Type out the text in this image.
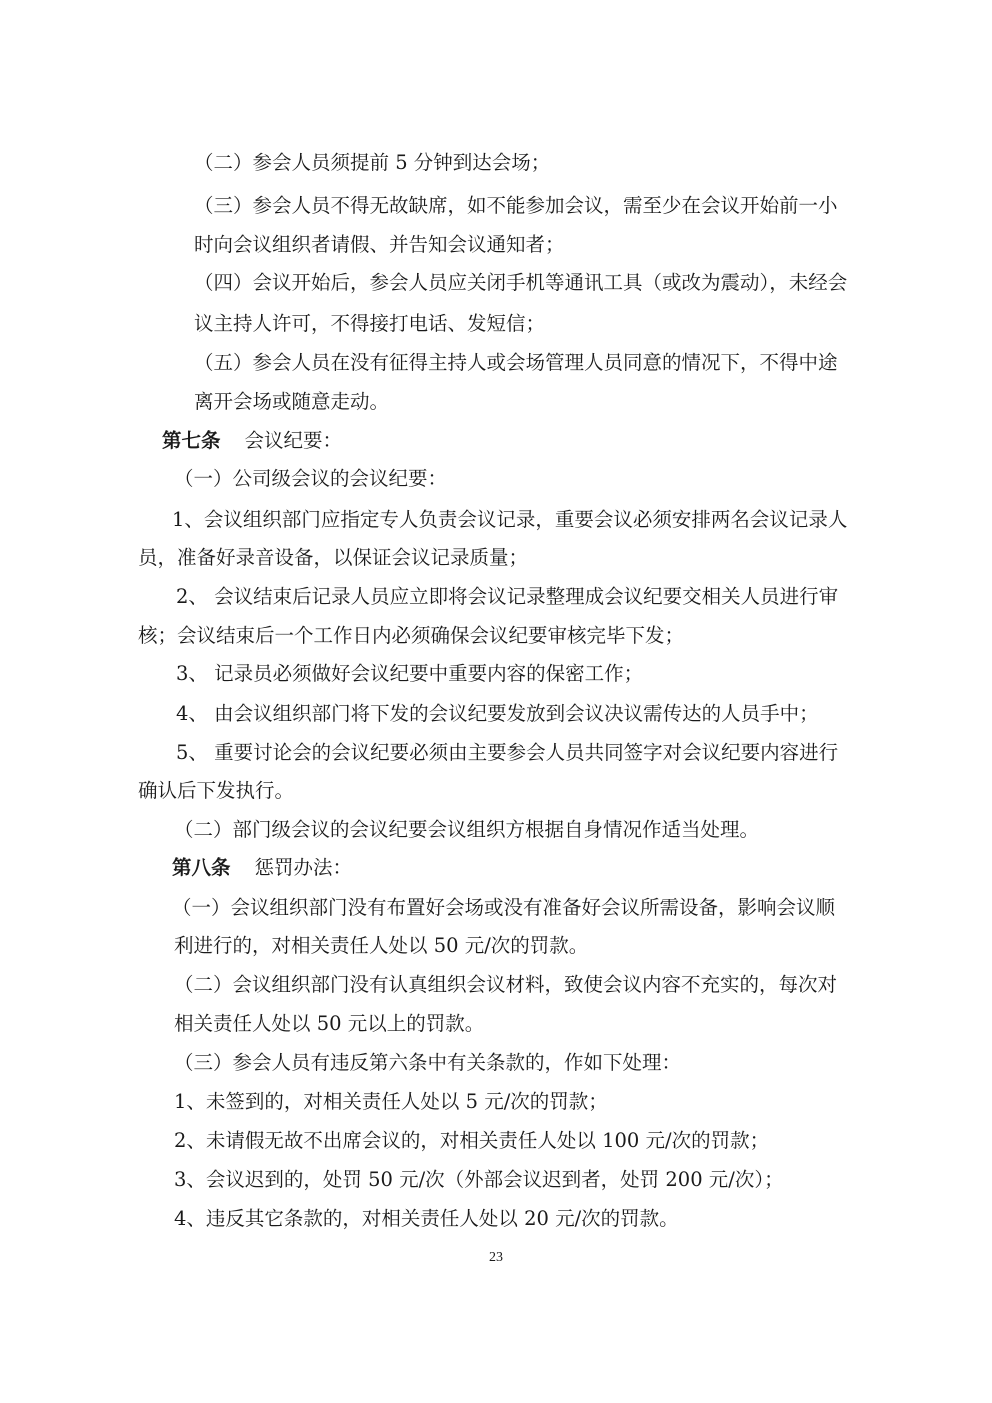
（二）参会人员须提前 5 分钟到达会场；
（三）参会人员不得无故缺席，如不能参加会议，需至少在会议开始前一小
时向会议组织者请假、并告知会议通知者；
（四）会议开始后，参会人员应关闭手机等通讯工具（或改为震动），未经会
议主持人许可，不得接打电话、发短信；
（五）参会人员在没有征得主持人或会场管理人员同意的情况下，不得中途
离开会场或随意走动。
第七条 会议纪要：
（一）公司级会议的会议纪要：
1、会议组织部门应指定专人负责会议记录，重要会议必须安排两名会议记录人
员，准备好录音设备，以保证会议记录质量；
2、 会议结束后记录人员应立即将会议记录整理成会议纪要交相关人员进行审
核；会议结束后一个工作日内必须确保会议纪要审核完毕下发；
3、 记录员必须做好会议纪要中重要内容的保密工作；
4、 由会议组织部门将下发的会议纪要发放到会议决议需传达的人员手中；
5、 重要讨论会的会议纪要必须由主要参会人员共同签字对会议纪要内容进行
确认后下发执行。
（二）部门级会议的会议纪要会议组织方根据自身情况作适当处理。
第八条 惩罚办法：
（一）会议组织部门没有布置好会场或没有准备好会议所需设备，影响会议顺
利进行的，对相关责任人处以 50 元/次的罚款。
（二）会议组织部门没有认真组织会议材料，致使会议内容不充实的，每次对
相关责任人处以 50 元以上的罚款。
（三）参会人员有违反第六条中有关条款的，作如下处理：
1、未签到的，对相关责任人处以 5 元/次的罚款；
2、未请假无故不出席会议的，对相关责任人处以 100 元/次的罚款；
3、会议迟到的，处罚 50 元/次（外部会议迟到者，处罚 200 元/次）；
4、违反其它条款的，对相关责任人处以 20 元/次的罚款。
23
